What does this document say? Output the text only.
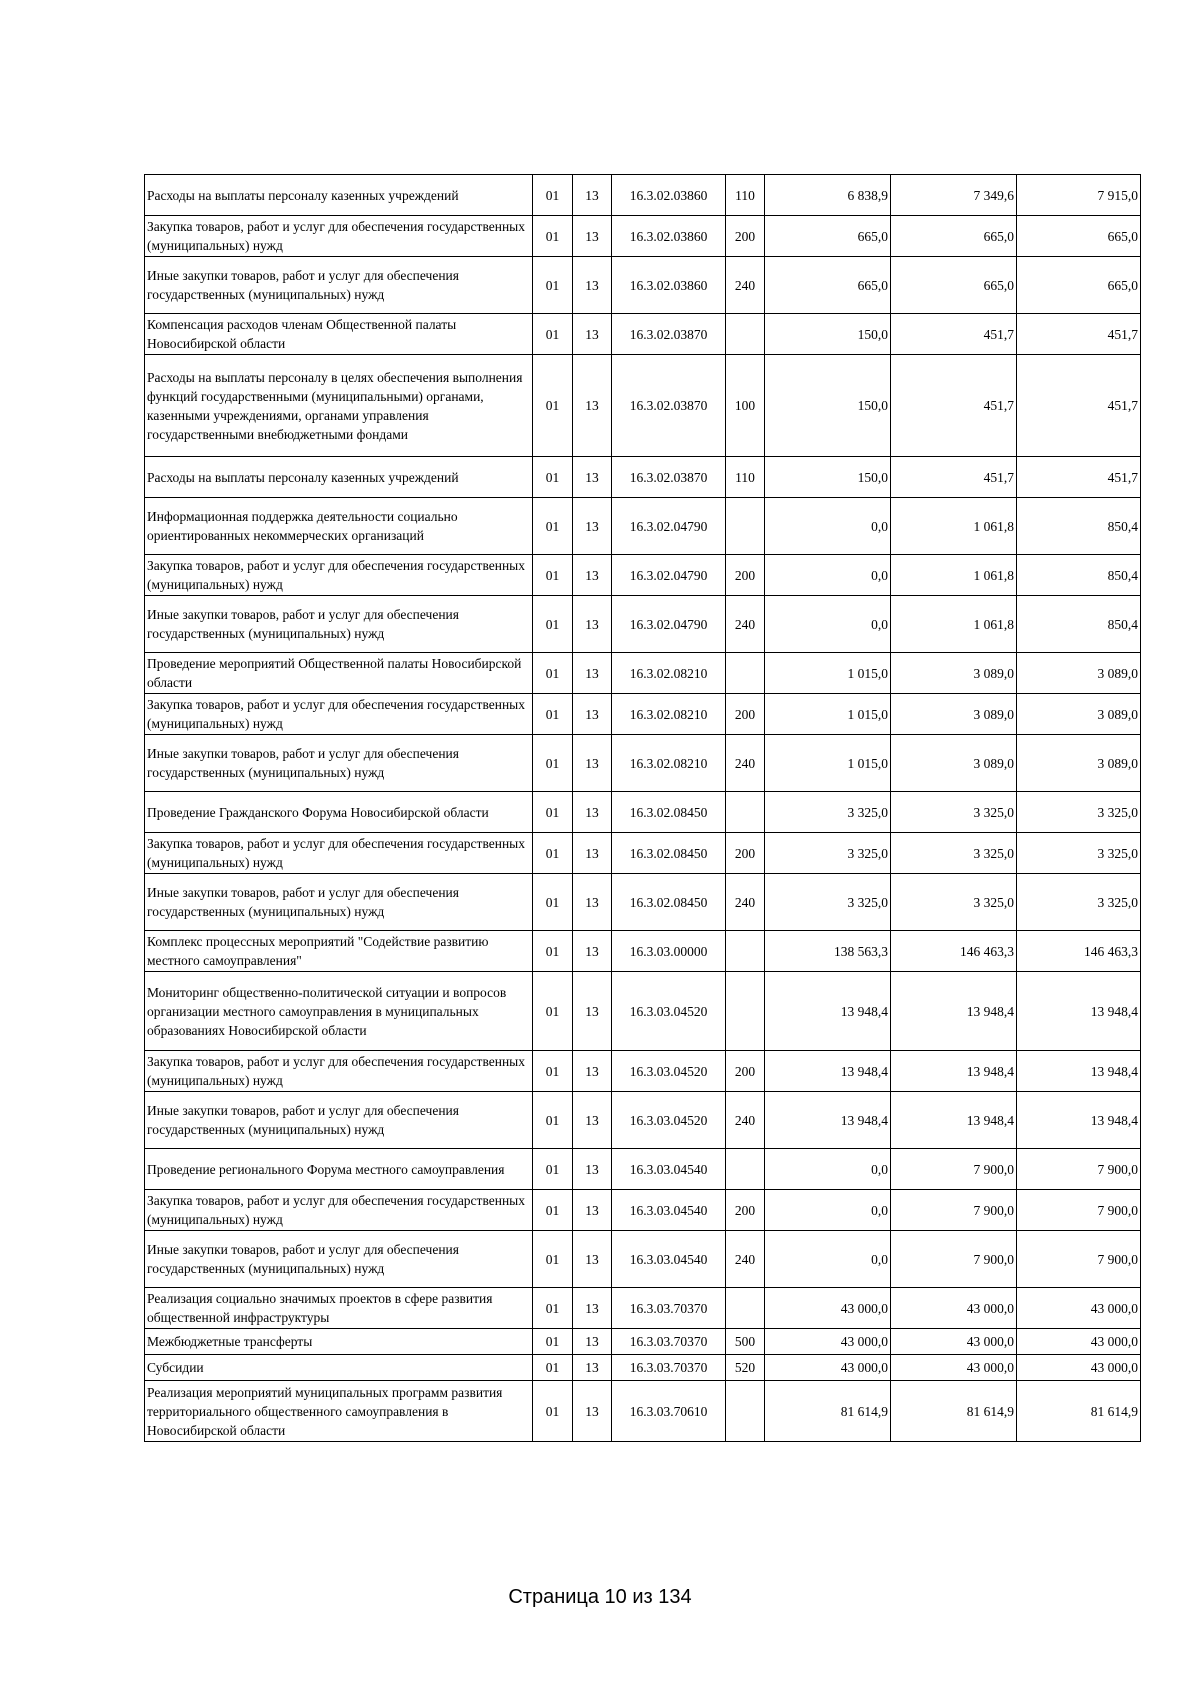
Расходы на выплаты персоналу казенных учреждений	01	13	16.3.02.03860	110	6 838,9	7 349,6	7 915,0
Закупка товаров, работ и услуг для обеспечения государственных (муниципальных) нужд	01	13	16.3.02.03860	200	665,0	665,0	665,0
Иные закупки товаров, работ и услуг для обеспечения государственных (муниципальных) нужд	01	13	16.3.02.03860	240	665,0	665,0	665,0
Компенсация расходов членам Общественной палаты Новосибирской области	01	13	16.3.02.03870		150,0	451,7	451,7
Расходы на выплаты персоналу в целях обеспечения выполнения функций государственными (муниципальными) органами, казенными учреждениями, органами управления государственными внебюджетными фондами	01	13	16.3.02.03870	100	150,0	451,7	451,7
Расходы на выплаты персоналу казенных учреждений	01	13	16.3.02.03870	110	150,0	451,7	451,7
Информационная поддержка деятельности социально ориентированных некоммерческих организаций	01	13	16.3.02.04790		0,0	1 061,8	850,4
Закупка товаров, работ и услуг для обеспечения государственных (муниципальных) нужд	01	13	16.3.02.04790	200	0,0	1 061,8	850,4
Иные закупки товаров, работ и услуг для обеспечения государственных (муниципальных) нужд	01	13	16.3.02.04790	240	0,0	1 061,8	850,4
Проведение мероприятий Общественной палаты Новосибирской области	01	13	16.3.02.08210		1 015,0	3 089,0	3 089,0
Закупка товаров, работ и услуг для обеспечения государственных (муниципальных) нужд	01	13	16.3.02.08210	200	1 015,0	3 089,0	3 089,0
Иные закупки товаров, работ и услуг для обеспечения государственных (муниципальных) нужд	01	13	16.3.02.08210	240	1 015,0	3 089,0	3 089,0
Проведение Гражданского Форума Новосибирской области	01	13	16.3.02.08450		3 325,0	3 325,0	3 325,0
Закупка товаров, работ и услуг для обеспечения государственных (муниципальных) нужд	01	13	16.3.02.08450	200	3 325,0	3 325,0	3 325,0
Иные закупки товаров, работ и услуг для обеспечения государственных (муниципальных) нужд	01	13	16.3.02.08450	240	3 325,0	3 325,0	3 325,0
Комплекс процессных мероприятий "Содействие развитию местного самоуправления"	01	13	16.3.03.00000		138 563,3	146 463,3	146 463,3
Мониторинг общественно-политической ситуации и вопросов организации местного самоуправления в муниципальных образованиях Новосибирской области	01	13	16.3.03.04520		13 948,4	13 948,4	13 948,4
Закупка товаров, работ и услуг для обеспечения государственных (муниципальных) нужд	01	13	16.3.03.04520	200	13 948,4	13 948,4	13 948,4
Иные закупки товаров, работ и услуг для обеспечения государственных (муниципальных) нужд	01	13	16.3.03.04520	240	13 948,4	13 948,4	13 948,4
Проведение регионального Форума местного самоуправления	01	13	16.3.03.04540		0,0	7 900,0	7 900,0
Закупка товаров, работ и услуг для обеспечения государственных (муниципальных) нужд	01	13	16.3.03.04540	200	0,0	7 900,0	7 900,0
Иные закупки товаров, работ и услуг для обеспечения государственных (муниципальных) нужд	01	13	16.3.03.04540	240	0,0	7 900,0	7 900,0
Реализация социально значимых проектов в сфере развития общественной инфраструктуры	01	13	16.3.03.70370		43 000,0	43 000,0	43 000,0
Межбюджетные трансферты	01	13	16.3.03.70370	500	43 000,0	43 000,0	43 000,0
Субсидии	01	13	16.3.03.70370	520	43 000,0	43 000,0	43 000,0
Реализация мероприятий муниципальных программ развития территориального общественного самоуправления в Новосибирской области	01	13	16.3.03.70610		81 614,9	81 614,9	81 614,9
Страница 10 из 134
